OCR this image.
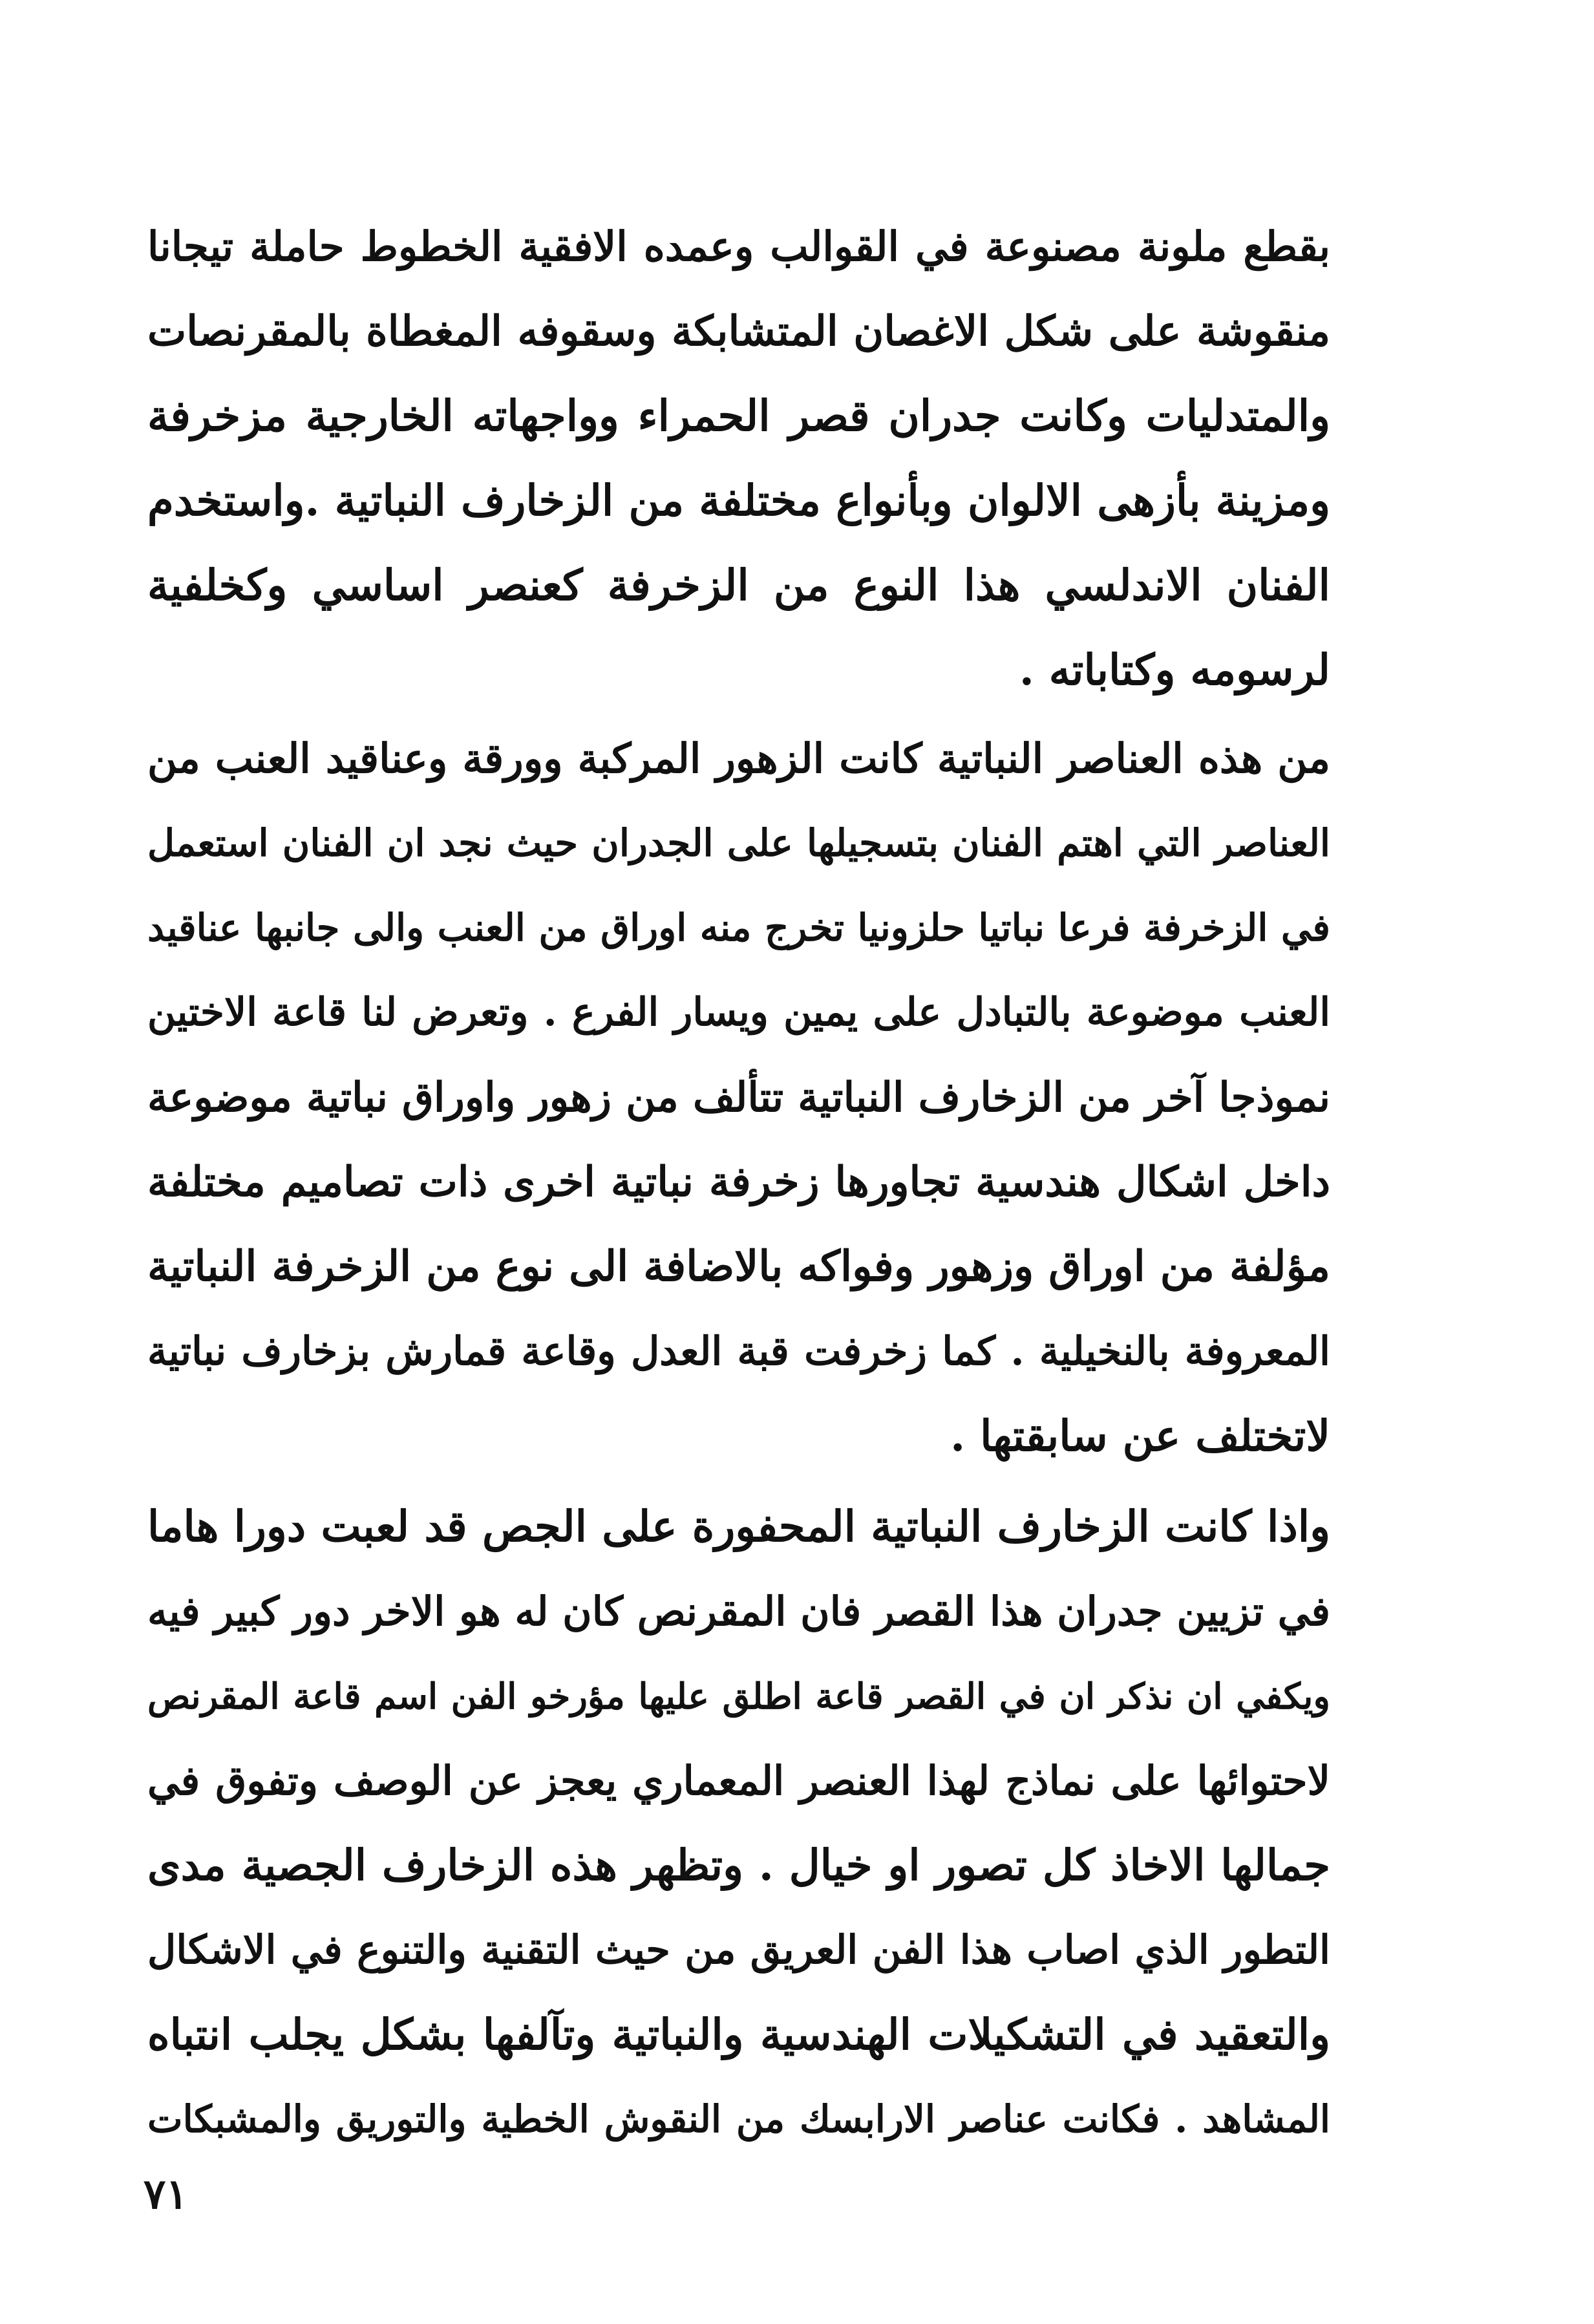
بقطع ملونة مصنوعة في القوالب وعمده الافقية الخطوط حاملة تيجانا
منقوشة على شكل الاغصان المتشابكة وسقوفه المغطاة بالمقرنصات
والمتدليات وكانت جدران قصر الحمراء وواجهاته الخارجية مزخرفة
ومزينة بأزهى الالوان وبأنواع مختلفة من الزخارف النباتية .واستخدم
الفنان الاندلسي هذا النوع من الزخرفة كعنصر اساسي وكخلفية
لرسومه وكتاباته .
من هذه العناصر النباتية كانت الزهور المركبة وورقة وعناقيد العنب من
العناصر التي اهتم الفنان بتسجيلها على الجدران حيث نجد ان الفنان استعمل
في الزخرفة فرعا نباتيا حلزونيا تخرج منه اوراق من العنب والى جانبها عناقيد
العنب موضوعة بالتبادل على يمين ويسار الفرع . وتعرض لنا قاعة الاختين
نموذجا آخر من الزخارف النباتية تتألف من زهور واوراق نباتية موضوعة
داخل اشكال هندسية تجاورها زخرفة نباتية اخرى ذات تصاميم مختلفة
مؤلفة من اوراق وزهور وفواكه بالاضافة الى نوع من الزخرفة النباتية
المعروفة بالنخيلية . كما زخرفت قبة العدل وقاعة قمارش بزخارف نباتية
لاتختلف عن سابقتها .
واذا كانت الزخارف النباتية المحفورة على الجص قد لعبت دورا هاما
في تزيين جدران هذا القصر فان المقرنص كان له هو الاخر دور كبير فيه
ويكفي ان نذكر ان في القصر قاعة اطلق عليها مؤرخو الفن اسم قاعة المقرنص
لاحتوائها على نماذج لهذا العنصر المعماري يعجز عن الوصف وتفوق في
جمالها الاخاذ كل تصور او خيال . وتظهر هذه الزخارف الجصية مدى
التطور الذي اصاب هذا الفن العريق من حيث التقنية والتنوع في الاشكال
والتعقيد في التشكيلات الهندسية والنباتية وتآلفها بشكل يجلب انتباه
المشاهد . فكانت عناصر الارابسك من النقوش الخطية والتوريق والمشبكات
٧١
